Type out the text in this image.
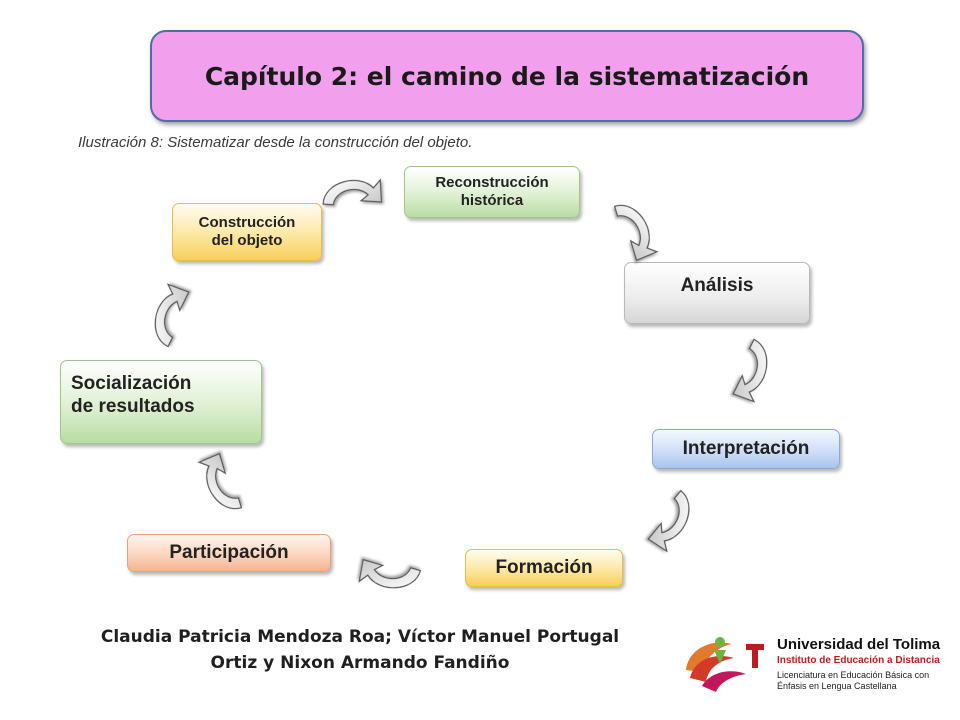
Capítulo 2: el camino de la sistematización
Ilustración 8: Sistematizar desde la construcción del objeto.
Reconstrucción
histórica
Construcción
del objeto
Análisis
Socialización
de resultados
Interpretación
Participación
Formación
Claudia Patricia Mendoza Roa; Víctor Manuel Portugal
Ortiz y Nixon Armando Fandiño
Universidad del Tolima
Instituto de Educación a Distancia
Licenciatura en Educación Básica con
Énfasis en Lengua Castellana
